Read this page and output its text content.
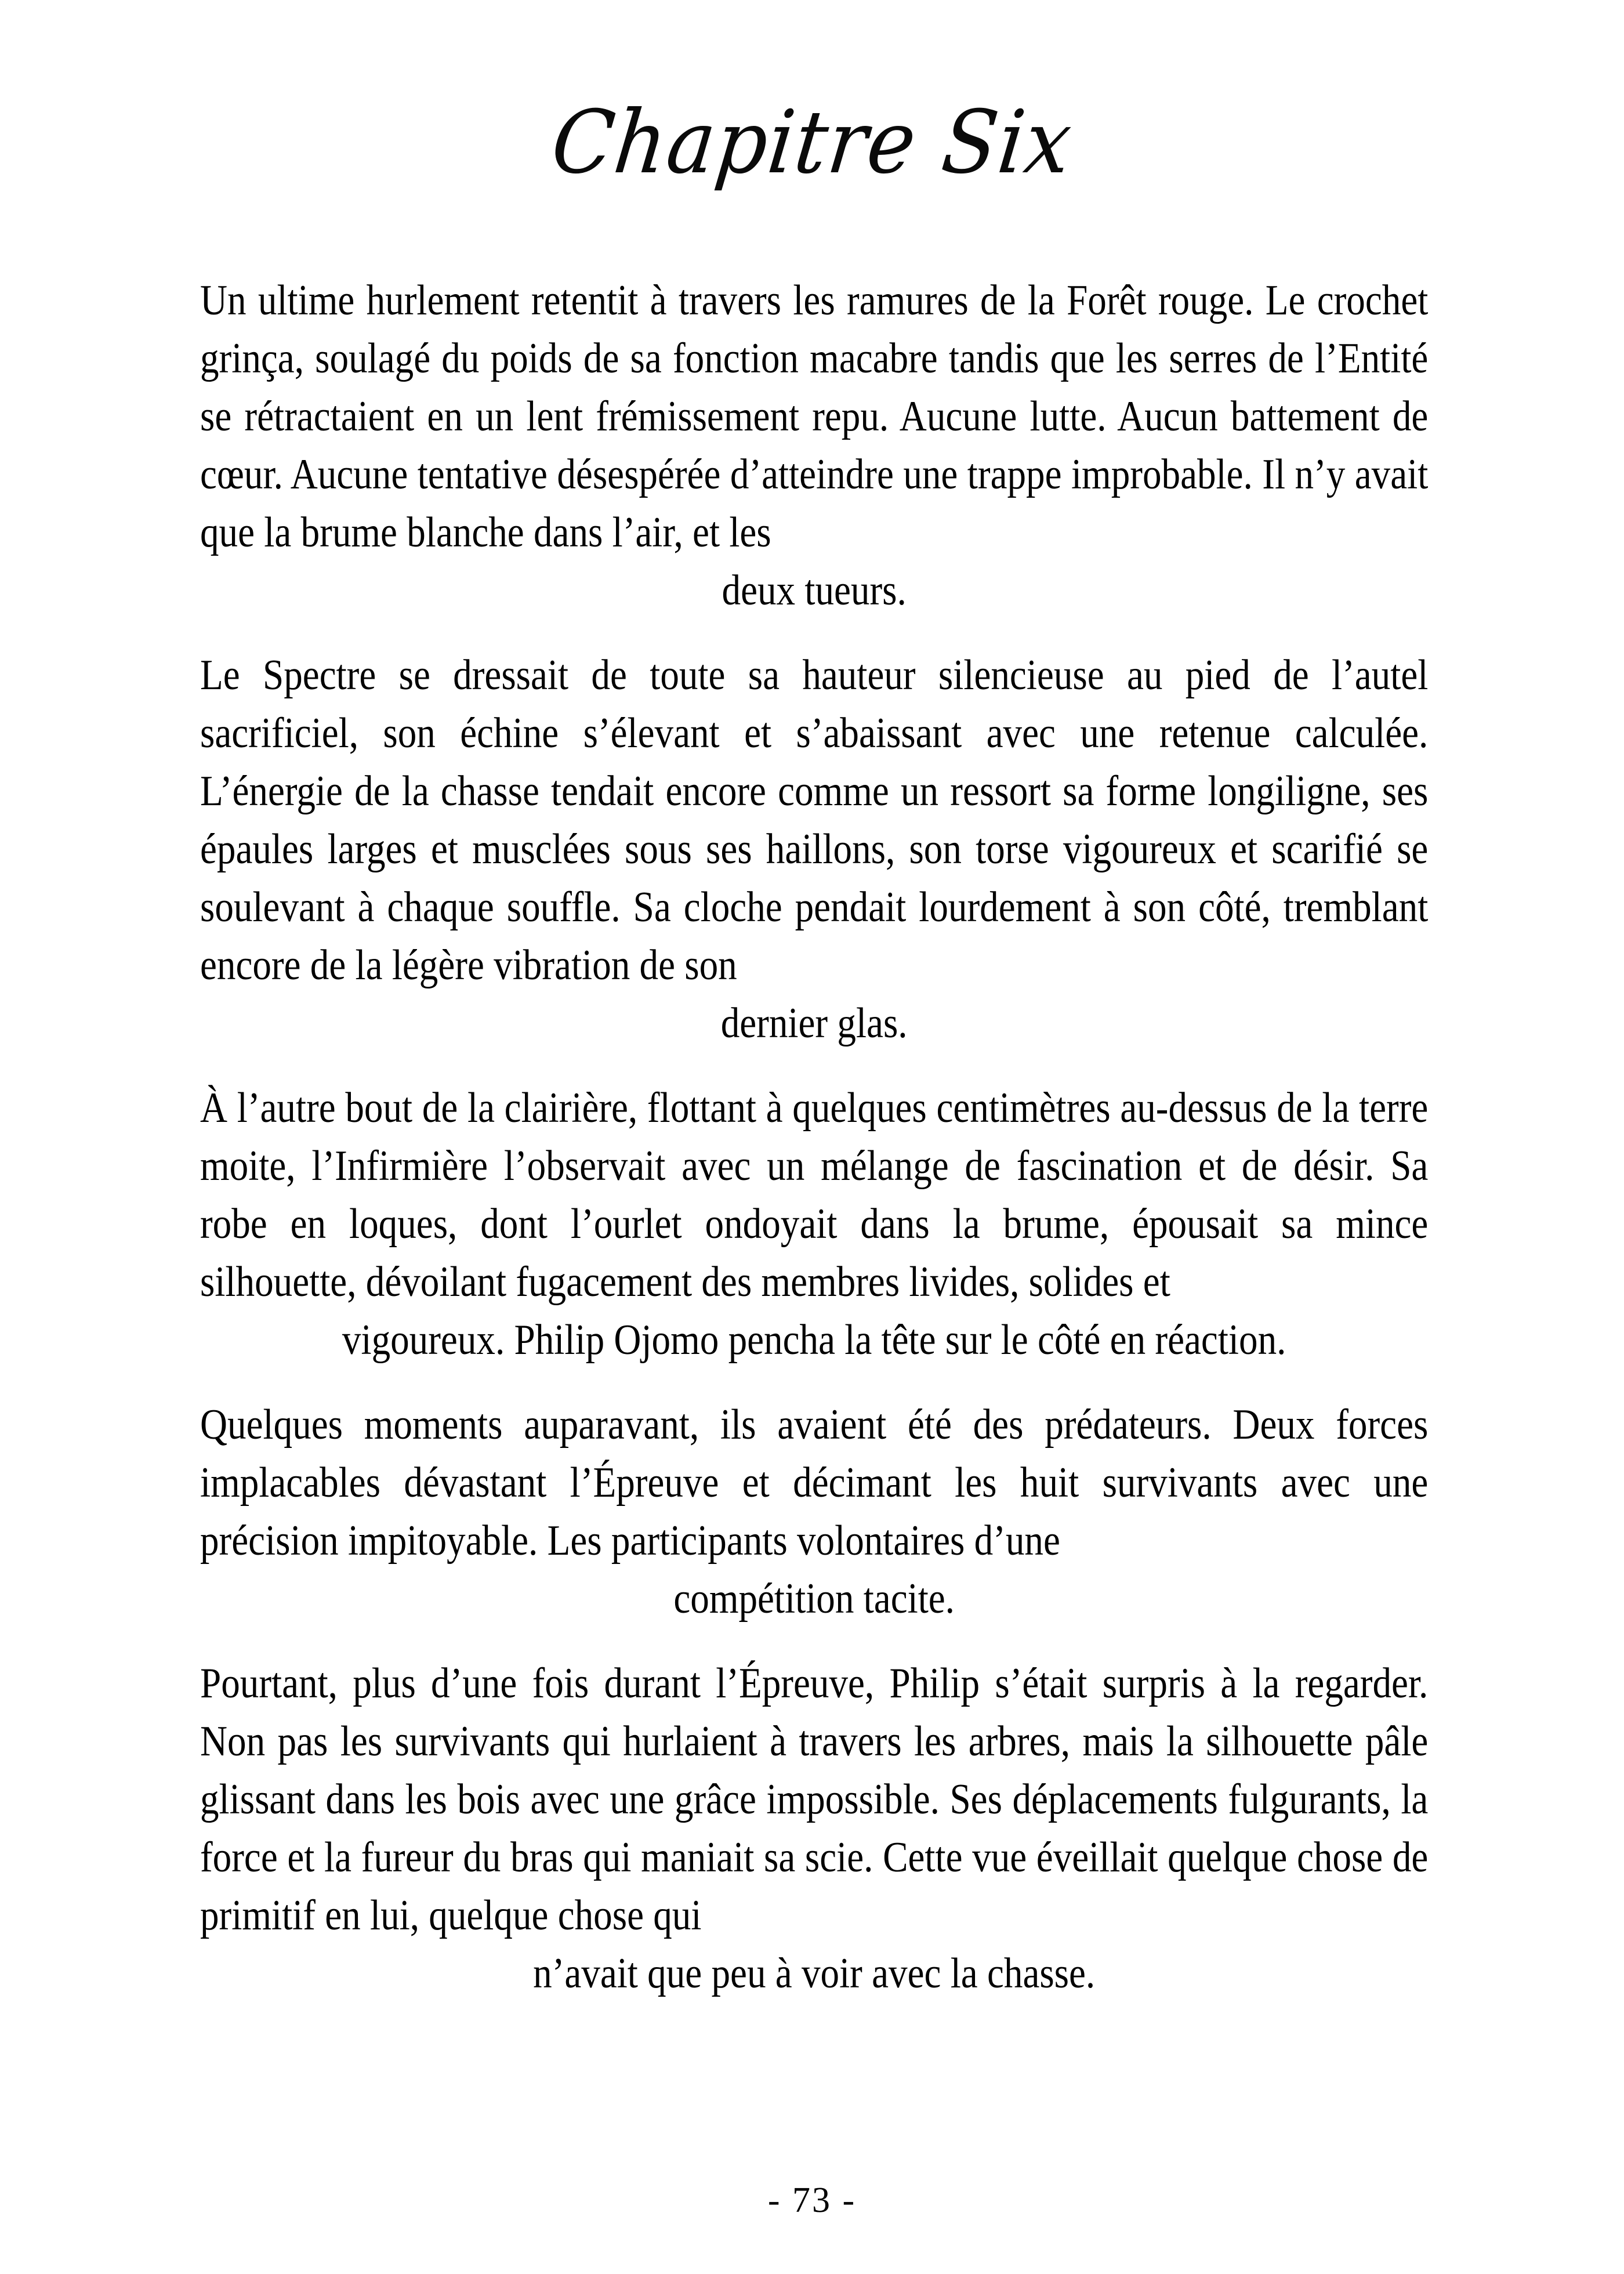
Chapitre Six

Un ultime hurlement retentit à travers les ramures de la Forêt rouge. Le crochet grinça, soulagé du poids de sa fonction macabre tandis que les serres de l’Entité se rétractaient en un lent frémissement repu. Aucune lutte. Aucun battement de cœur. Aucune tentative désespérée d’atteindre une trappe improbable. Il n’y avait que la brume blanche dans l’air, et les
deux tueurs.

Le Spectre se dressait de toute sa hauteur silencieuse au pied de l’autel sacrificiel, son échine s’élevant et s’abaissant avec une retenue calculée. L’énergie de la chasse tendait encore comme un ressort sa forme longiligne, ses épaules larges et musclées sous ses haillons, son torse vigoureux et scarifié se soulevant à chaque souffle. Sa cloche pendait lourdement à son côté, tremblant encore de la légère vibration de son
dernier glas.

À l’autre bout de la clairière, flottant à quelques centimètres au-dessus de la terre moite, l’Infirmière l’observait avec un mélange de fascination et de désir. Sa robe en loques, dont l’ourlet ondoyait dans la brume, épousait sa mince silhouette, dévoilant fugacement des membres livides, solides et
vigoureux. Philip Ojomo pencha la tête sur le côté en réaction.

Quelques moments auparavant, ils avaient été des prédateurs. Deux forces implacables dévastant l’Épreuve et décimant les huit survivants avec une précision impitoyable. Les participants volontaires d’une
compétition tacite.

Pourtant, plus d’une fois durant l’Épreuve, Philip s’était surpris à la regarder. Non pas les survivants qui hurlaient à travers les arbres, mais la silhouette pâle glissant dans les bois avec une grâce impossible. Ses déplacements fulgurants, la force et la fureur du bras qui maniait sa scie. Cette vue éveillait quelque chose de primitif en lui, quelque chose qui
n’avait que peu à voir avec la chasse.

- 73 -
